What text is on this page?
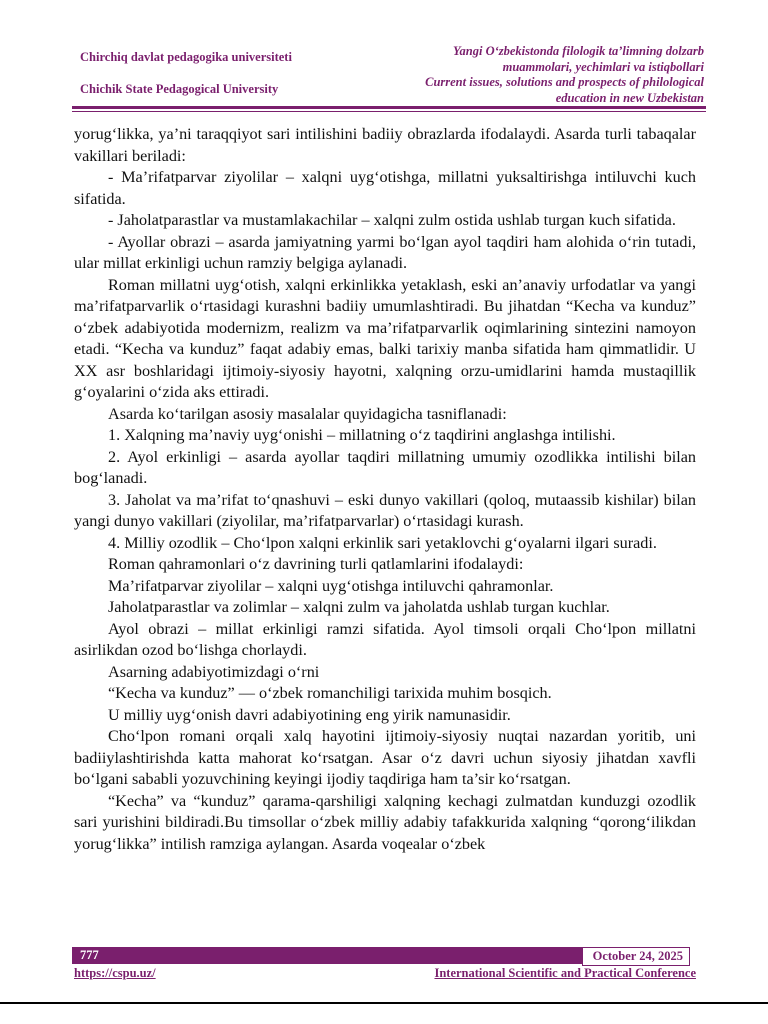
Chirchiq davlat pedagogika universiteti
Chichik State Pedagogical University
Yangi O‘zbekistonda filologik ta’limning dolzarb
muammolari, yechimlari va istiqbollari
Current issues, solutions and prospects of philological
education in new Uzbekistan

yorug‘likka, ya’ni taraqqiyot sari intilishini badiiy obrazlarda ifodalaydi. Asarda turli tabaqalar vakillari beriladi:

- Ma’rifatparvar ziyolilar – xalqni uyg‘otishga, millatni yuksaltirishga intiluvchi kuch sifatida.

- Jaholatparastlar va mustamlakachilar – xalqni zulm ostida ushlab turgan kuch sifatida.

- Ayollar obrazi – asarda jamiyatning yarmi bo‘lgan ayol taqdiri ham alohida o‘rin tutadi, ular millat erkinligi uchun ramziy belgiga aylanadi.

Roman millatni uyg‘otish, xalqni erkinlikka yetaklash, eski an’anaviy urfodatlar va yangi ma’rifatparvarlik o‘rtasidagi kurashni badiiy umumlashtiradi. Bu jihatdan “Kecha va kunduz” o‘zbek adabiyotida modernizm, realizm va ma’rifatparvarlik oqimlarining sintezini namoyon etadi. “Kecha va kunduz” faqat adabiy emas, balki tarixiy manba sifatida ham qimmatlidir. U XX asr boshlaridagi ijtimoiy-siyosiy hayotni, xalqning orzu-umidlarini hamda mustaqillik g‘oyalarini o‘zida aks ettiradi.

Asarda ko‘tarilgan asosiy masalalar quyidagicha tasniflanadi:

1. Xalqning ma’naviy uyg‘onishi – millatning o‘z taqdirini anglashga intilishi.

2. Ayol erkinligi – asarda ayollar taqdiri millatning umumiy ozodlikka intilishi bilan bog‘lanadi.

3. Jaholat va ma’rifat to‘qnashuvi – eski dunyo vakillari (qoloq, mutaassib kishilar) bilan yangi dunyo vakillari (ziyolilar, ma’rifatparvarlar) o‘rtasidagi kurash.

4. Milliy ozodlik – Cho‘lpon xalqni erkinlik sari yetaklovchi g‘oyalarni ilgari suradi.

Roman qahramonlari o‘z davrining turli qatlamlarini ifodalaydi:

Ma’rifatparvar ziyolilar – xalqni uyg‘otishga intiluvchi qahramonlar.

Jaholatparastlar va zolimlar – xalqni zulm va jaholatda ushlab turgan kuchlar.

Ayol obrazi – millat erkinligi ramzi sifatida. Ayol timsoli orqali Cho‘lpon millatni asirlikdan ozod bo‘lishga chorlaydi.

Asarning adabiyotimizdagi o‘rni

“Kecha va kunduz” — o‘zbek romanchiligi tarixida muhim bosqich.

U milliy uyg‘onish davri adabiyotining eng yirik namunasidir.

Cho‘lpon romani orqali xalq hayotini ijtimoiy-siyosiy nuqtai nazardan yoritib, uni badiiylashtirishda katta mahorat ko‘rsatgan. Asar o‘z davri uchun siyosiy jihatdan xavfli bo‘lgani sababli yozuvchining keyingi ijodiy taqdiriga ham ta’sir ko‘rsatgan.

“Kecha” va “kunduz” qarama-qarshiligi xalqning kechagi zulmatdan kunduzgi ozodlik sari yurishini bildiradi.Bu timsollar o‘zbek milliy adabiy tafakkurida xalqning “qorong‘ilikdan yorug‘likka” intilish ramziga aylangan. Asarda voqealar o‘zbek

777	October 24, 2025
https://cspu.uz/	International Scientific and Practical Conference
